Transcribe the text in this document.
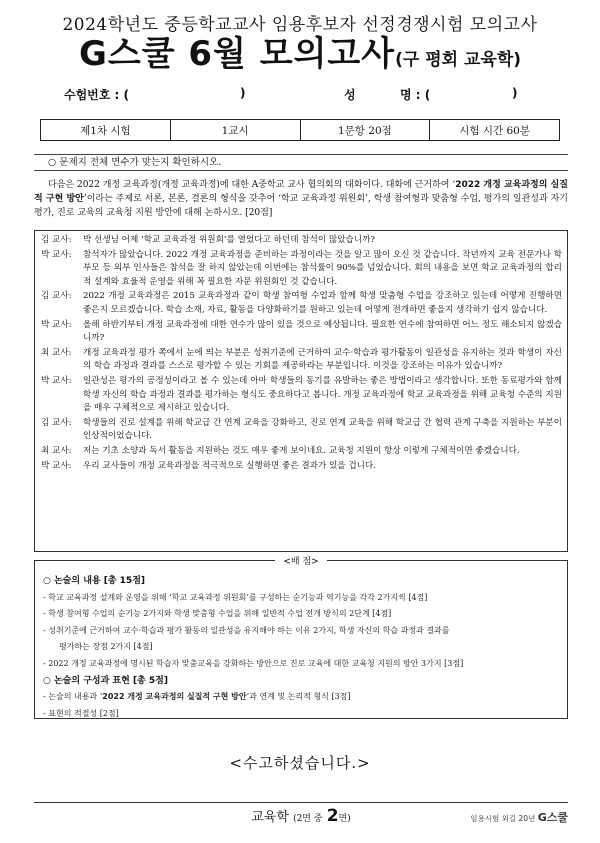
2024학년도 중등학교교사 임용후보자 선정경쟁시험 모의고사
G스쿨 6월 모의고사(구 평회 교육학)
수험번호 : (	)	성	명 : (	)
제1차 시험	1교시	1문항 20점	시험 시간 60분
○ 문제지 전체 면수가 맞는지 확인하시오.
다음은 2022 개정 교육과정(개정 교육과정)에 대한 A중학교 교사 협의회의 대화이다. 대화에 근거하여 ‘2022 개정 교육과정의 실질적 구현 방안’이라는 주제로 서론, 본론, 결론의 형식을 갖추어 ‘학교 교육과정 위원회’, 학생 참여형과 맞춤형 수업, 평가의 일관성과 자기 평가, 진로 교육의 교육청 지원 방안에 대해 논하시오. [20점]
김 교사:	박 선생님 어제 ‘학교 교육과정 위원회’를 열었다고 하던데 참석이 많았습니까?
박 교사:	참석자가 많았습니다. 2022 개정 교육과정을 준비하는 과정이라는 것을 알고 많이 오신 것 같습니다. 작년까지 교육 전문가나 학부모 등 외부 인사들은 참석을 잘 하지 않았는데 이번에는 참석률이 90%를 넘었습니다. 회의 내용을 보면 학교 교육과정의 합리적 설계와 효율적 운영을 위해 꼭 필요한 자문 위원회인 것 같습니다.
김 교사:	2022 개정 교육과정은 2015 교육과정과 같이 학생 참여형 수업과 함께 학생 맞춤형 수업을 강조하고 있는데 어떻게 진행하면 좋은지 모르겠습니다. 학습 소재, 자료, 활동을 다양화하기를 원하고 있는데 어떻게 전개하면 좋을지 생각하기 쉽지 않습니다.
박 교사:	올해 하반기부터 개정 교육과정에 대한 연수가 많이 있을 것으로 예상됩니다. 필요한 연수에 참여하면 어느 정도 해소되지 않겠습니까?
최 교사:	개정 교육과정 평가 쪽에서 눈에 띄는 부분은 성취기준에 근거하여 교수·학습과 평가활동이 일관성을 유지하는 것과 학생이 자신의 학습 과정과 결과를 스스로 평가할 수 있는 기회를 제공하라는 부분입니다. 이것을 강조하는 이유가 있습니까?
박 교사:	일관성은 평가의 공정성이라고 볼 수 있는데 아마 학생들의 동기를 유발하는 좋은 방법이라고 생각합니다. 또한 동료평가와 함께 학생 자신의 학습 과정과 결과를 평가하는 형식도 중요하다고 봅니다. 개정 교육과정에 학교 교육과정을 위해 교육청 수준의 지원을 매우 구체적으로 제시하고 있습니다.
김 교사:	학생들의 진로 설계를 위해 학교급 간 연계 교육을 강화하고, 진로 연계 교육을 위해 학교급 간 협력 관계 구축을 지원하는 부분이 인상적이었습니다.
최 교사:	저는 기초 소양과 독서 활동을 지원하는 것도 매우 좋게 보이네요. 교육청 지원이 항상 이렇게 구체적이면 좋겠습니다.
박 교사:	우리 교사들이 개정 교육과정을 적극적으로 실행하면 좋은 결과가 있을 겁니다.
<배 점>
○ 논술의 내용 [총 15점]
- 학교 교육과정 설계와 운영을 위해 ‘학교 교육과정 위원회’를 구성하는 순기능과 역기능을 각각 2가지씩 [4점]
- 학생 참여형 수업의 순기능 2가지와 학생 맞춤형 수업을 위해 일반적 수업 전개 방식의 2단계 [4점]
- 성취기준에 근거하여 교수·학습과 평가 활동의 일관성을 유지해야 하는 이유 2가지, 학생 자신의 학습 과정과 결과를
평가하는 장점 2가지 [4점]
- 2022 개정 교육과정에 명시된 학습자 맞춤교육을 강화하는 방안으로 진로 교육에 대한 교육청 지원의 방안 3가지 [3점]
○ 논술의 구성과 표현 [총 5점]
- 논술의 내용과 ‘2022 개정 교육과정의 실질적 구현 방안’과 연계 및 논리적 형식 [3점]
- 표현의 적절성 [2점]
<수고하셨습니다.>
교육학 (2면 중 2면)	임용시험 외길 20년 G스쿨
